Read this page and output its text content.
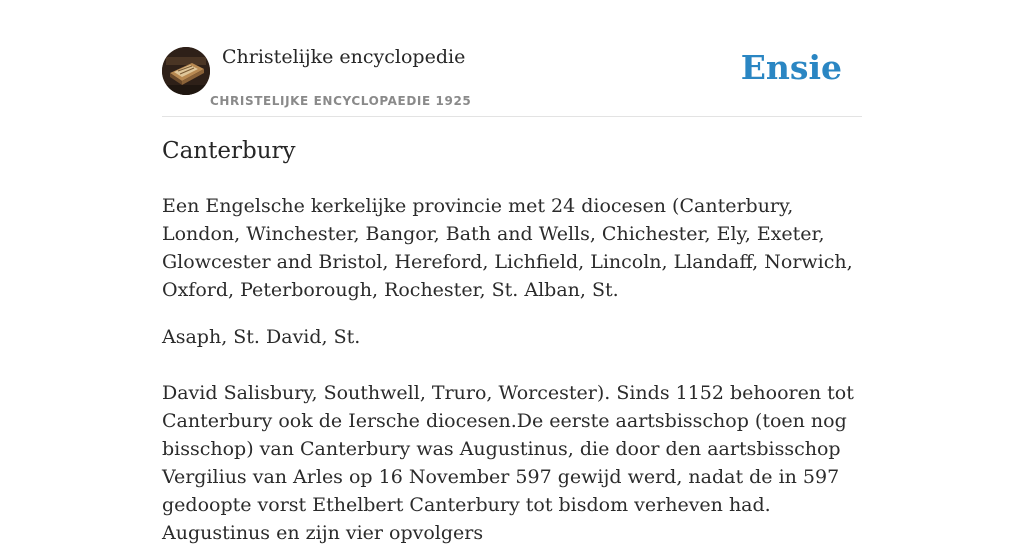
Christelijke encyclopedie
CHRISTELIJKE ENCYCLOPAEDIE 1925
Ensie
Canterbury

Een Engelsche kerkelijke provincie met 24 diocesen (Canterbury, London, Winchester, Bangor, Bath and Wells, Chichester, Ely, Exeter, Glowcester and Bristol, Hereford, Lichfield, Lincoln, Llandaff, Norwich, Oxford, Peterborough, Rochester, St. Alban, St.

Asaph, St. David, St.

David Salisbury, Southwell, Truro, Worcester). Sinds 1152 behooren tot Canterbury ook de Iersche diocesen.De eerste aartsbisschop (toen nog bisschop) van Canterbury was Augustinus, die door den aartsbisschop Vergilius van Arles op 16 November 597 gewijd werd, nadat de in 597 gedoopte vorst Ethelbert Canterbury tot bisdom verheven had. Augustinus en zijn vier opvolgers
